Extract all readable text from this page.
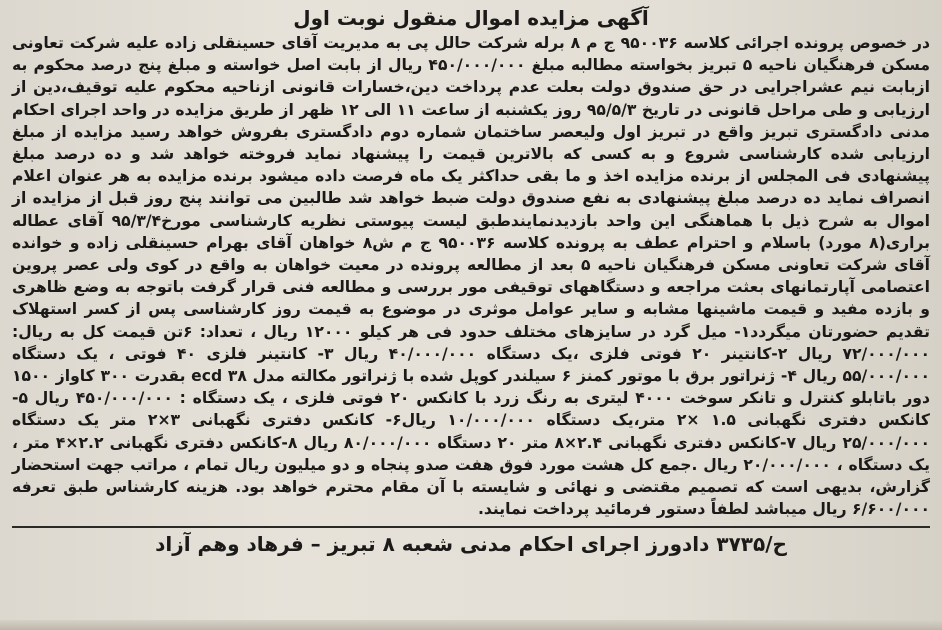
آگهی مزایده اموال منقول نوبت اول

در خصوص پرونده اجرائی کلاسه ۹۵۰۰۳۶ ج م ۸ برله شرکت حالل پی به مدیریت آقای حسینقلی زاده علیه شرکت تعاونی مسکن فرهنگیان ناحیه ۵ تبریز بخواسته مطالبه مبلغ ۴۵۰/۰۰۰/۰۰۰ ریال از بابت اصل خواسته و مبلغ پنج درصد محکوم به ازبابت نیم عشراجرایی در حق صندوق دولت بعلت عدم پرداخت دین،خسارات قانونی ازناحیه محکوم علیه توقیف،دین از ارزیابی و طی مراحل قانونی در تاریخ ۹۵/۵/۳ روز یکشنبه از ساعت ۱۱ الی ۱۲ ظهر از طریق مزایده در واحد اجرای احکام مدنی دادگستری تبریز واقع در تبریز اول ولیعصر ساختمان شماره دوم دادگستری بفروش خواهد رسید مزایده از مبلغ ارزیابی شده کارشناسی شروع و به کسی که بالاترین قیمت را پیشنهاد نماید فروخته خواهد شد و ده درصد مبلغ پیشنهادی فی المجلس از برنده مزایده اخذ و ما بقی حداکثر یک ماه فرصت داده میشود برنده مزایده به هر عنوان اعلام انصراف نماید ده درصد مبلغ پیشنهادی به نفع صندوق دولت ضبط خواهد شد طالبین می توانند پنج روز قبل از مزایده از اموال به شرح ذیل با هماهنگی این واحد بازدیدنمایندطبق لیست پیوستی نظریه کارشناسی مورخ۹۵/۳/۴ آقای عطاله براری(۸ مورد) باسلام و احترام عطف به پرونده کلاسه ۹۵۰۰۳۶ ج م ش۸ خواهان آقای بهرام حسینقلی زاده و خوانده آقای شرکت تعاونی مسکن فرهنگیان ناحیه ۵ بعد از مطالعه پرونده در معیت خواهان به واقع در کوی ولی عصر پروین اعتصامی آپارتمانهای بعثت مراجعه و دستگاههای توقیفی مور بررسی و مطالعه فنی قرار گرفت باتوجه به وضع ظاهری و بازده مفید و قیمت ماشینها مشابه و سایر عوامل موثری در موضوع به قیمت روز کارشناسی پس از کسر استهلاک تقدیم حضورتان میگردد۱- میل گرد در سایزهای مختلف حدود فی هر کیلو ۱۲۰۰۰ ریال ، تعداد: ۶تن قیمت کل به ریال: ۷۲/۰۰۰/۰۰۰ ریال ۲-کانتینر ۲۰ فوتی فلزی ،یک دستگاه ۴۰/۰۰۰/۰۰۰ ریال ۳- کانتینر فلزی ۴۰ فوتی ، یک دستگاه ۵۵/۰۰۰/۰۰۰ ریال ۴- ژنراتور برق با موتور کمنز ۶ سیلندر کوپل شده با ژنراتور مکالته مدل ecd ۳۸ بقدرت ۳۰۰ کاواز ۱۵۰۰ دور باتابلو کنترل و تانکر سوخت ۴۰۰۰ لیتری به رنگ زرد با کانکس ۲۰ فوتی فلزی ، یک دستگاه : ۴۵۰/۰۰۰/۰۰۰ ریال ۵-کانکس دفتری نگهبانی ۱.۵ ×۲ متر،یک دستگاه ۱۰/۰۰۰/۰۰۰ ریال۶- کانکس دفتری نگهبانی ۳×۲ متر یک دستگاه ۲۵/۰۰۰/۰۰۰ ریال ۷-کانکس دفتری نگهبانی ۲.۴×۸ متر ۲۰ دستگاه ۸۰/۰۰۰/۰۰۰ ریال ۸-کانکس دفتری نگهبانی ۲.۲×۴ متر ، یک دستگاه ، ۲۰/۰۰۰/۰۰۰ ریال .جمع کل هشت مورد فوق هفت صدو پنجاه و دو میلیون ریال تمام ، مراتب جهت استحضار گزارش، بدیهی است که تصمیم مقتضی و نهائی و شایسته با آن مقام محترم خواهد بود. هزینه کارشناس طبق تعرفه ۶/۶۰۰/۰۰۰ ریال میباشد لطفاً دستور فرمائید پرداخت نمایند.

ح/۳۷۳۵ دادورز اجرای احکام مدنی شعبه ۸ تبریز – فرهاد وهم آزاد
